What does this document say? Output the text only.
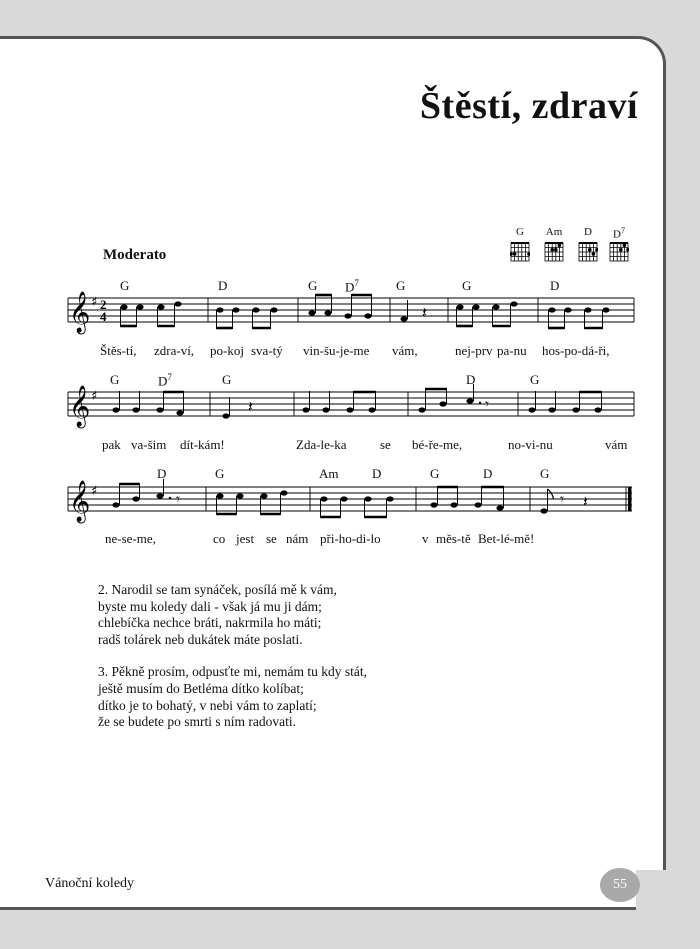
Štěstí, zdraví
Moderato
G	Am	D	$D^7$
G	D	G $D^7$	G	G	D
𝄞 ♯ 2
4	𝄽
Štěs-tí, zdra-ví, po-koj sva-tý vin-šu-je-me vám,	nej-prv pa-nu hos-po-dá-ři,
G	$D^7$	G	D	G
𝄞 ♯
𝄽	𝄾
pak va-šim dít-kám!	Zda-le-ka	se bé-ře-me,	no-vi-nu	vám
D	G	Am	D	G	D	G
𝄞 ♯	𝄾	𝄾 𝄽
ne-se-me,	co jest se nám při-ho-di-lo	v měs-tě Bet-lé-mě!
2. Narodil se tam synáček, posílá mě k vám,
byste mu koledy dali - však já mu ji dám;
chlebíčka nechce bráti, nakrmila ho máti;
radš tolárek neb dukátek máte poslati.
3. Pěkně prosím, odpusťte mi, nemám tu kdy stát,
ještě musím do Betléma dítko kolíbat;
dítko je to bohatý, v nebi vám to zaplatí;
že se budete po smrti s ním radovati.
Vánoční koledy	55
